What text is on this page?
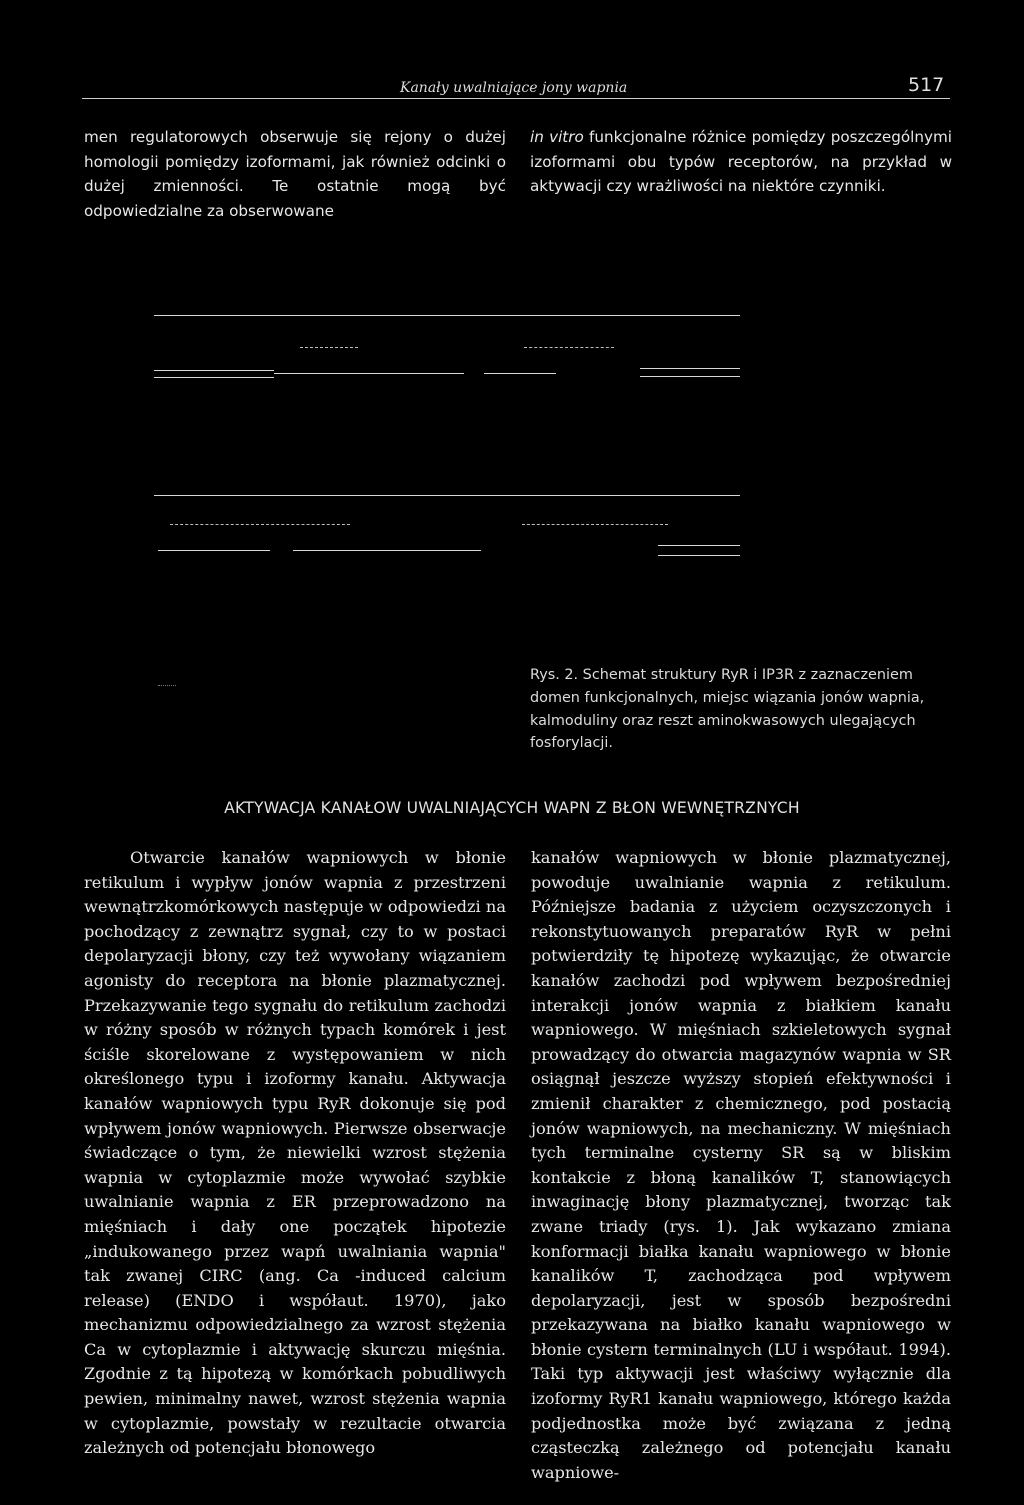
Kanały uwalniające jony wapnia	517

men regulatorowych obserwuje się rejony o dużej homologii pomiędzy izoformami, jak również odcinki o dużej zmienności. Te ostatnie mogą być odpowiedzialne za obserwowane

in vitro funkcjonalne różnice pomiędzy poszczególnymi izoformami obu typów receptorów, na przykład w aktywacji czy wrażliwości na niektóre czynniki.

Rys. 2. Schemat struktury RyR i IP3R z zaznaczeniem domen funkcjonalnych, miejsc wiązania jonów wapnia, kalmoduliny oraz reszt aminokwasowych ulegających fosforylacji.

AKTYWACJA KANAŁOW UWALNIAJĄCYCH WAPN Z BŁON WEWNĘTRZNYCH

Otwarcie kanałów wapniowych w błonie retikulum i wypływ jonów wapnia z przestrzeni wewnątrzkomórkowych następuje w odpowiedzi na pochodzący z zewnątrz sygnał, czy to w postaci depolaryzacji błony, czy też wywołany wiązaniem agonisty do receptora na błonie plazmatycznej. Przekazywanie tego sygnału do retikulum zachodzi w różny sposób w różnych typach komórek i jest ściśle skorelowane z występowaniem w nich określonego typu i izoformy kanału. Aktywacja kanałów wapniowych typu RyR dokonuje się pod wpływem jonów wapniowych. Pierwsze obserwacje świadczące o tym, że niewielki wzrost stężenia wapnia w cytoplazmie może wywołać szybkie uwalnianie wapnia z ER przeprowadzono na mięśniach i dały one początek hipotezie „indukowanego przez wapń uwalniania wapnia" tak zwanej CIRC (ang. Ca -induced calcium release) (ENDO i współaut. 1970), jako mechanizmu odpowiedzialnego za wzrost stężenia Ca w cytoplazmie i aktywację skurczu mięśnia. Zgodnie z tą hipotezą w komórkach pobudliwych pewien, minimalny nawet, wzrost stężenia wapnia w cytoplazmie, powstały w rezultacie otwarcia zależnych od potencjału błonowego

kanałów wapniowych w błonie plazmatycznej, powoduje uwalnianie wapnia z retikulum. Późniejsze badania z użyciem oczyszczonych i rekonstytuowanych preparatów RyR w pełni potwierdziły tę hipotezę wykazując, że otwarcie kanałów zachodzi pod wpływem bezpośredniej interakcji jonów wapnia z białkiem kanału wapniowego. W mięśniach szkieletowych sygnał prowadzący do otwarcia magazynów wapnia w SR osiągnął jeszcze wyższy stopień efektywności i zmienił charakter z chemicznego, pod postacią jonów wapniowych, na mechaniczny. W mięśniach tych terminalne cysterny SR są w bliskim kontakcie z błoną kanalików T, stanowiących inwaginację błony plazmatycznej, tworząc tak zwane triady (rys. 1). Jak wykazano zmiana konformacji białka kanału wapniowego w błonie kanalików T, zachodząca pod wpływem depolaryzacji, jest w sposób bezpośredni przekazywana na białko kanału wapniowego w błonie cystern terminalnych (LU i współaut. 1994). Taki typ aktywacji jest właściwy wyłącznie dla izoformy RyR1 kanału wapniowego, którego każda podjednostka może być związana z jedną cząsteczką zależnego od potencjału kanału wapniowe-
